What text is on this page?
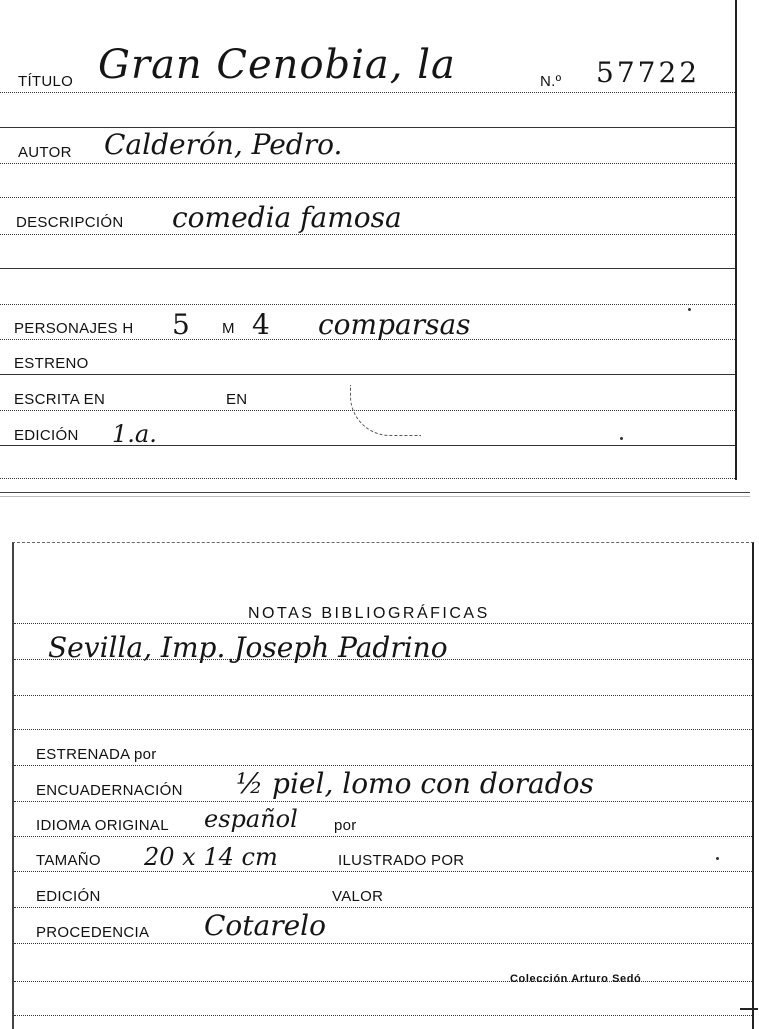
TÍTULO Gran Cenobia, la	N.º 57722
AUTOR Calderón, Pedro.
DESCRIPCIÓN comedia famosa
PERSONAJES H 5 M 4 comparsas
ESTRENO
ESCRITA EN	EN
EDICIÓN 1.a.
NOTAS BIBLIOGRÁFICAS
Sevilla, Imp. Joseph Padrino
ESTRENADA por
ENCUADERNACIÓN ½ piel, lomo con dorados
IDIOMA ORIGINAL español por
TAMAÑO 20 x 14 cm	ILUSTRADO POR
EDICIÓN	VALOR
PROCEDENCIA Cotarelo
Colección Arturo Sedó
